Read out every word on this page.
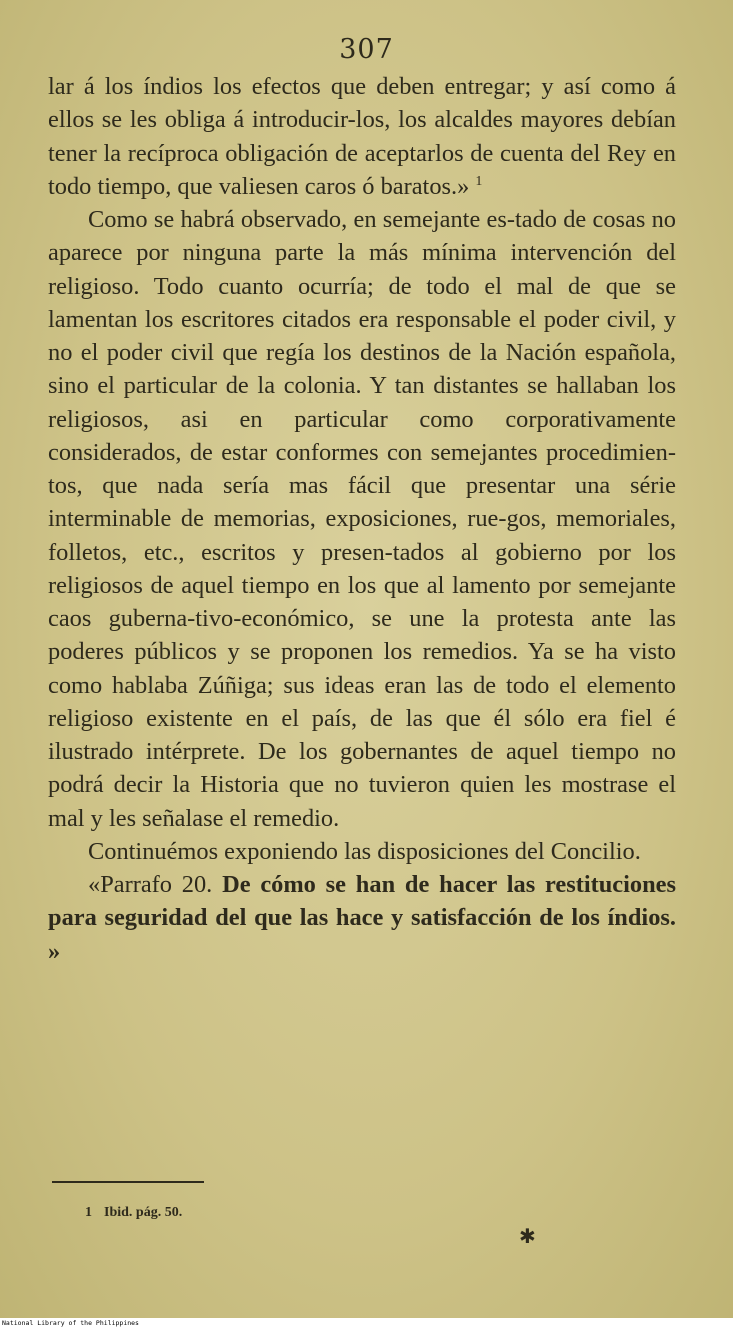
307

lar á los índios los efectos que deben entregar; y así como á ellos se les obliga á introducir-los, los alcaldes mayores debían tener la recíproca obligación de aceptarlos de cuenta del Rey en todo tiempo, que valiesen caros ó baratos.» $^1$

Como se habrá observado, en semejante es-tado de cosas no aparece por ninguna parte la más mínima intervención del religioso. Todo cuanto ocurría; de todo el mal de que se lamentan los escritores citados era responsable el poder civil, y no el poder civil que regía los destinos de la Nación española, sino el particular de la colonia. Y tan distantes se hallaban los religiosos, asi en particular como corporativamente considerados, de estar conformes con semejantes procedimien-tos, que nada sería mas fácil que presentar una série interminable de memorias, exposiciones, rue-gos, memoriales, folletos, etc., escritos y presen-tados al gobierno por los religiosos de aquel tiempo en los que al lamento por semejante caos guberna-tivo-económico, se une la protesta ante las poderes públicos y se proponen los remedios. Ya se ha visto como hablaba Zúñiga; sus ideas eran las de todo el elemento religioso existente en el país, de las que él sólo era fiel é ilustrado intérprete. De los gobernantes de aquel tiempo no podrá decir la Historia que no tuvieron quien les mostrase el mal y les señalase el remedio.

Continuémos exponiendo las disposiciones del Concilio.

«Parrafo 20. De cómo se han de hacer las restituciones para seguridad del que las hace y satisfacción de los índios. »

1 Ibid. pág. 50.
✱
National Library of the Philippines
